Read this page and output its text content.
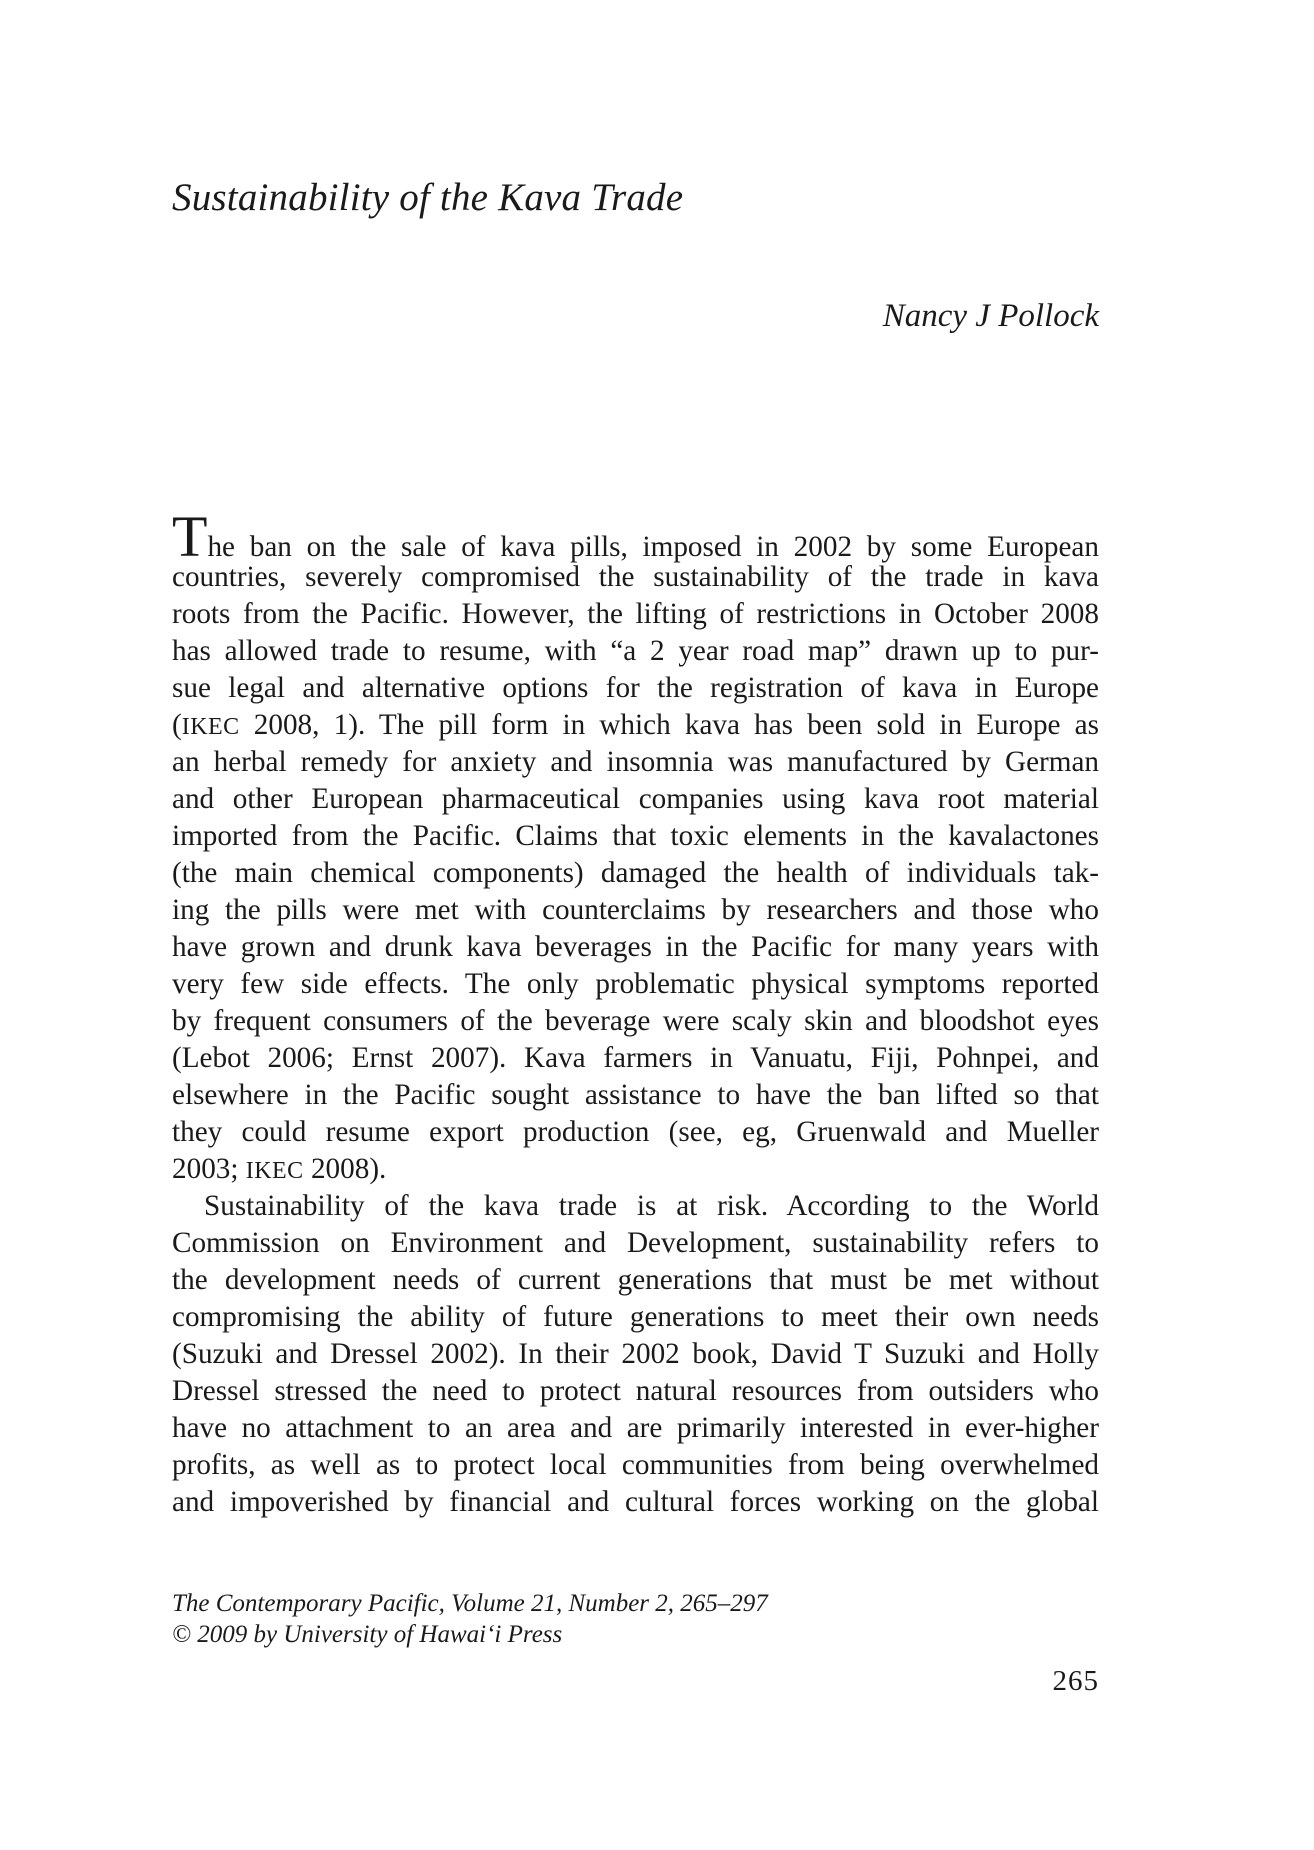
Sustainability of the Kava Trade
Nancy J Pollock
The ban on the sale of kava pills, imposed in 2002 by some European
countries, severely compromised the sustainability of the trade in kava
roots from the Pacific. However, the lifting of restrictions in October 2008
has allowed trade to resume, with “a 2 year road map” drawn up to pur-
sue legal and alternative options for the registration of kava in Europe
(IKEC 2008, 1). The pill form in which kava has been sold in Europe as
an herbal remedy for anxiety and insomnia was manufactured by German
and other European pharmaceutical companies using kava root material
imported from the Pacific. Claims that toxic elements in the kavalactones
(the main chemical components) damaged the health of individuals tak-
ing the pills were met with counterclaims by researchers and those who
have grown and drunk kava beverages in the Pacific for many years with
very few side effects. The only problematic physical symptoms reported
by frequent consumers of the beverage were scaly skin and bloodshot eyes
(Lebot 2006; Ernst 2007). Kava farmers in Vanuatu, Fiji, Pohnpei, and
elsewhere in the Pacific sought assistance to have the ban lifted so that
they could resume export production (see, eg, Gruenwald and Mueller
2003; IKEC 2008).
Sustainability of the kava trade is at risk. According to the World
Commission on Environment and Development, sustainability refers to
the development needs of current generations that must be met without
compromising the ability of future generations to meet their own needs
(Suzuki and Dressel 2002). In their 2002 book, David T Suzuki and Holly
Dressel stressed the need to protect natural resources from outsiders who
have no attachment to an area and are primarily interested in ever-higher
profits, as well as to protect local communities from being overwhelmed
and impoverished by financial and cultural forces working on the global
The Contemporary Pacific, Volume 21, Number 2, 265–297
© 2009 by University of Hawai‘i Press
265
